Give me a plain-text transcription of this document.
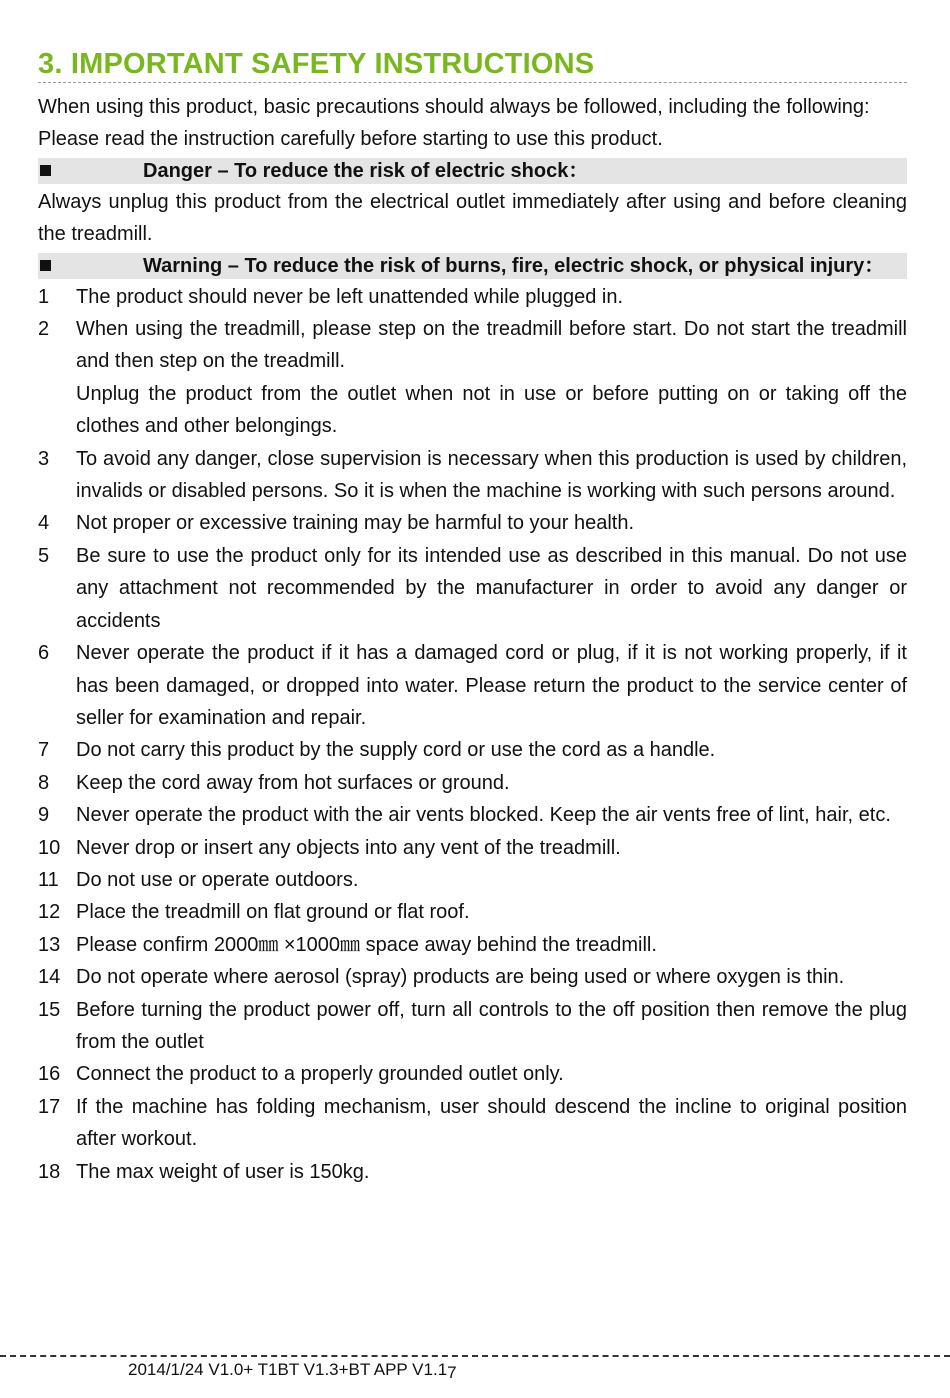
3. IMPORTANT SAFETY INSTRUCTIONS

When using this product, basic precautions should always be followed, including the following:

Please read the instruction carefully before starting to use this product.

Danger – To reduce the risk of electric shock：

Always unplug this product from the electrical outlet immediately after using and before cleaning the treadmill.

Warning – To reduce the risk of burns, fire, electric shock, or physical injury：
1	The product should never be left unattended while plugged in.

2	When using the treadmill, please step on the treadmill before start. Do not start the treadmill and then step on the treadmill.

Unplug the product from the outlet when not in use or before putting on or taking off the clothes and other belongings.

3	To avoid any danger, close supervision is necessary when this production is used by children, invalids or disabled persons. So it is when the machine is working with such persons around.

4	Not proper or excessive training may be harmful to your health.

5	Be sure to use the product only for its intended use as described in this manual. Do not use any attachment not recommended by the manufacturer in order to avoid any danger or accidents

6	Never operate the product if it has a damaged cord or plug, if it is not working properly, if it has been damaged, or dropped into water. Please return the product to the service center of seller for examination and repair.

7	Do not carry this product by the supply cord or use the cord as a handle.

8	Keep the cord away from hot surfaces or ground.

9	Never operate the product with the air vents blocked. Keep the air vents free of lint, hair, etc.

10 Never drop or insert any objects into any vent of the treadmill.

11 Do not use or operate outdoors.

12 Place the treadmill on flat ground or flat roof.

13 Please confirm 2000㎜ ×1000㎜ space away behind the treadmill.

14 Do not operate where aerosol (spray) products are being used or where oxygen is thin.

15 Before turning the product power off, turn all controls to the off position then remove the plug from the outlet

16 Connect the product to a properly grounded outlet only.

17 If the machine has folding mechanism, user should descend the incline to original position after workout.

18 The max weight of user is 150kg.

2014/1/24 V1.0+ T1BT V1.3+BT APP V1.17
